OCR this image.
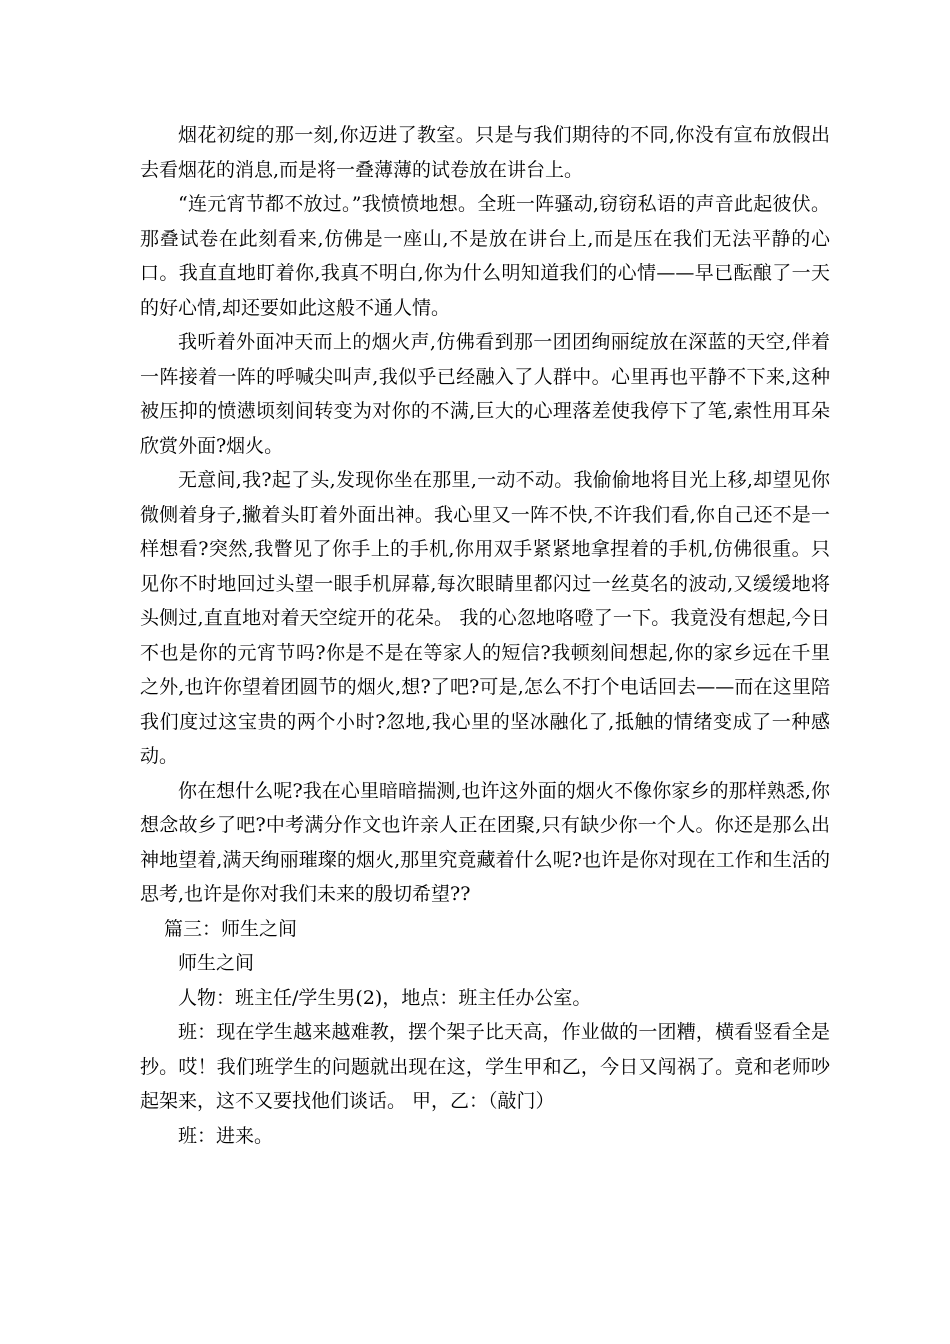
烟花初绽的那一刻,你迈进了教室。只是与我们期待的不同,你没有宣布放假出去看烟花的消息,而是将一叠薄薄的试卷放在讲台上。

“连元宵节都不放过。”我愤愤地想。全班一阵骚动,窃窃私语的声音此起彼伏。那叠试卷在此刻看来,仿佛是一座山,不是放在讲台上,而是压在我们无法平静的心口。我直直地盯着你,我真不明白,你为什么明知道我们的心情——早已酝酿了一天的好心情,却还要如此这般不通人情。

我听着外面冲天而上的烟火声,仿佛看到那一团团绚丽绽放在深蓝的天空,伴着一阵接着一阵的呼喊尖叫声,我似乎已经融入了人群中。心里再也平静不下来,这种被压抑的愤懑顷刻间转变为对你的不满,巨大的心理落差使我停下了笔,索性用耳朵欣赏外面?烟火。

无意间,我?起了头,发现你坐在那里,一动不动。我偷偷地将目光上移,却望见你微侧着身子,撇着头盯着外面出神。我心里又一阵不快,不许我们看,你自己还不是一样想看?突然,我瞥见了你手上的手机,你用双手紧紧地拿捏着的手机,仿佛很重。只见你不时地回过头望一眼手机屏幕,每次眼睛里都闪过一丝莫名的波动,又缓缓地将头侧过,直直地对着天空绽开的花朵。 我的心忽地咯噔了一下。我竟没有想起,今日不也是你的元宵节吗?你是不是在等家人的短信?我顿刻间想起,你的家乡远在千里之外,也许你望着团圆节的烟火,想?了吧?可是,怎么不打个电话回去——而在这里陪我们度过这宝贵的两个小时?忽地,我心里的坚冰融化了,抵触的情绪变成了一种感动。

你在想什么呢?我在心里暗暗揣测,也许这外面的烟火不像你家乡的那样熟悉,你想念故乡了吧?中考满分作文也许亲人正在团聚,只有缺少你一个人。你还是那么出神地望着,满天绚丽璀璨的烟火,那里究竟藏着什么呢?也许是你对现在工作和生活的思考,也许是你对我们未来的殷切希望??

篇三：师生之间

师生之间

人物：班主任/学生男(2)，地点：班主任办公室。

班：现在学生越来越难教，摆个架子比天高，作业做的一团糟，横看竖看全是抄。哎！我们班学生的问题就出现在这，学生甲和乙，今日又闯祸了。竟和老师吵起架来，这不又要找他们谈话。 甲，乙：（敲门）

班：进来。
